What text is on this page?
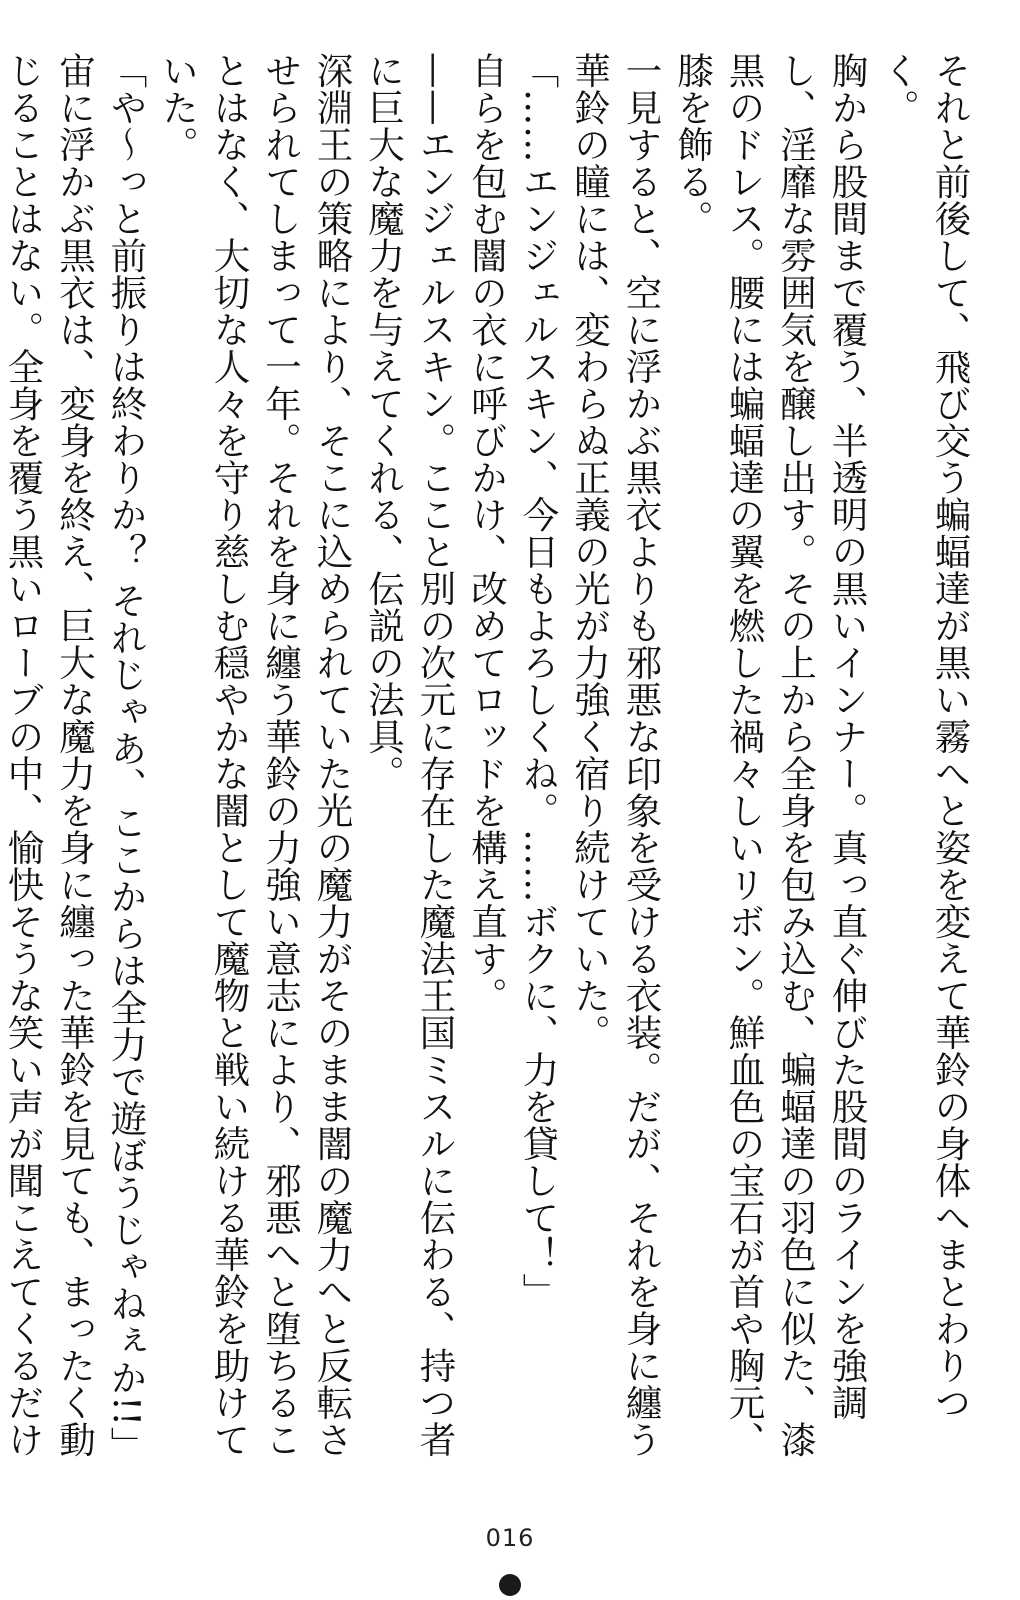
それと前後して、飛び交う蝙蝠達が黒い霧へと姿を変えて華鈴の身体へまとわりつく。

胸から股間まで覆う、半透明の黒いインナー。真っ直ぐ伸びた股間のラインを強調し、淫靡な雰囲気を醸し出す。その上から全身を包み込む、蝙蝠達の羽色に似た、漆黒のドレス。腰には蝙蝠達の翼を燃した禍々しいリボン。鮮血色の宝石が首や胸元、膝を飾る。

一見すると、空に浮かぶ黒衣よりも邪悪な印象を受ける衣装。だが、それを身に纏う華鈴の瞳には、変わらぬ正義の光が力強く宿り続けていた。

「……エンジェルスキン、今日もよろしくね。……ボクに、力を貸して！」

自らを包む闇の衣に呼びかけ、改めてロッドを構え直す。

——エンジェルスキン。ここと別の次元に存在した魔法王国ミスルに伝わる、持つ者に巨大な魔力を与えてくれる、伝説の法具。

深淵王の策略により、そこに込められていた光の魔力がそのまま闇の魔力へと反転させられてしまって一年。それを身に纏う華鈴の力強い意志により、邪悪へと堕ちることはなく、大切な人々を守り慈しむ穏やかな闇として魔物と戦い続ける華鈴を助けていた。

「や〜っと前振りは終わりか？ それじゃあ、ここからは全力で遊ぼうじゃねぇか!!」

宙に浮かぶ黒衣は、変身を終え、巨大な魔力を身に纏った華鈴を見ても、まったく動じることはない。全身を覆う黒いローブの中、愉快そうな笑い声が聞こえてくるだけ

016
